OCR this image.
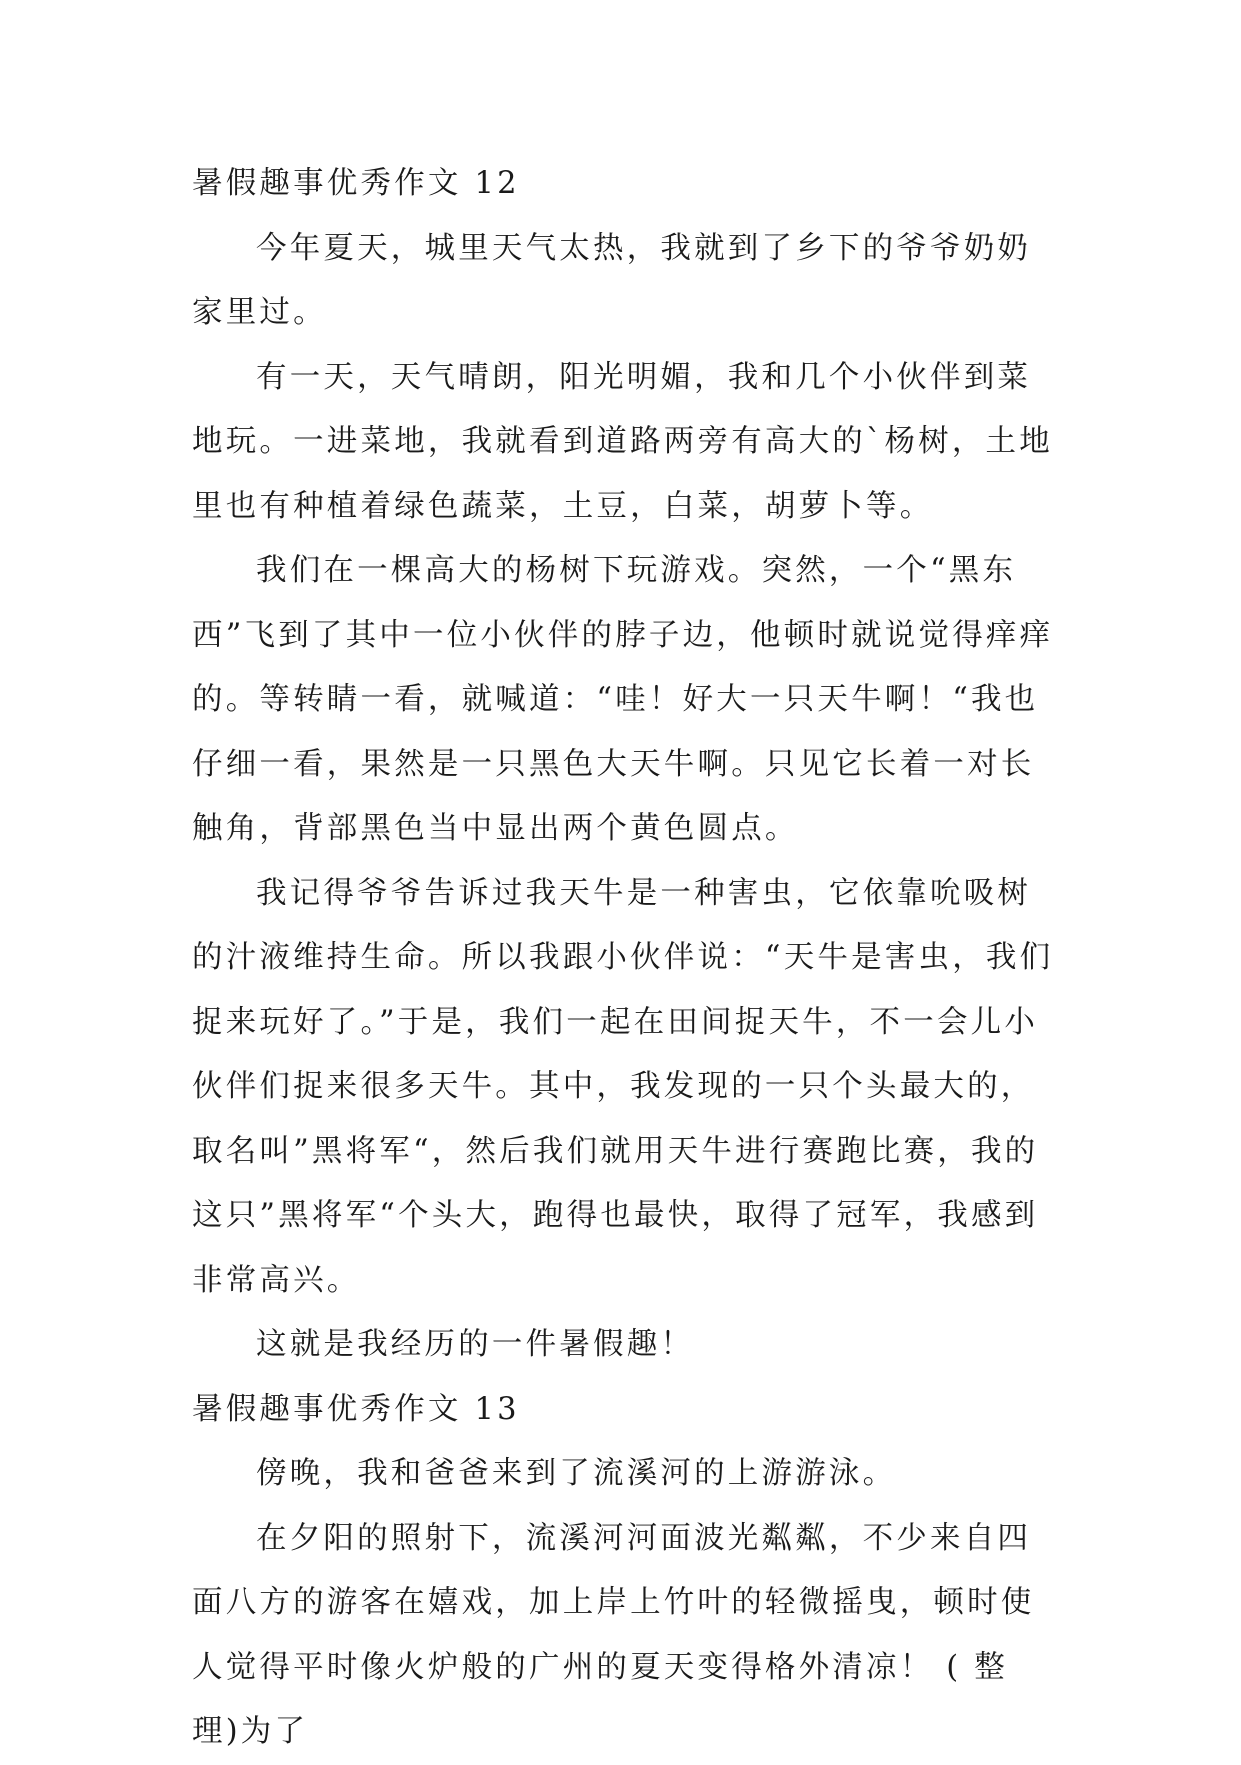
暑假趣事优秀作文 12

今年夏天，城里天气太热，我就到了乡下的爷爷奶奶家里过。

有一天，天气晴朗，阳光明媚，我和几个小伙伴到菜地玩。一进菜地，我就看到道路两旁有高大的`杨树，土地里也有种植着绿色蔬菜，土豆，白菜，胡萝卜等。

我们在一棵高大的杨树下玩游戏。突然，一个“黑东西”飞到了其中一位小伙伴的脖子边，他顿时就说觉得痒痒的。等转睛一看，就喊道：“哇！好大一只天牛啊！“我也仔细一看，果然是一只黑色大天牛啊。只见它长着一对长触角，背部黑色当中显出两个黄色圆点。

我记得爷爷告诉过我天牛是一种害虫，它依靠吮吸树的汁液维持生命。所以我跟小伙伴说：“天牛是害虫，我们捉来玩好了。”于是，我们一起在田间捉天牛，不一会儿小伙伴们捉来很多天牛。其中，我发现的一只个头最大的，取名叫”黑将军“，然后我们就用天牛进行赛跑比赛，我的这只”黑将军“个头大，跑得也最快，取得了冠军，我感到非常高兴。

这就是我经历的一件暑假趣！

暑假趣事优秀作文 13

傍晚，我和爸爸来到了流溪河的上游游泳。

在夕阳的照射下，流溪河河面波光粼粼，不少来自四面八方的游客在嬉戏，加上岸上竹叶的轻微摇曳，顿时使人觉得平时像火炉般的广州的夏天变得格外清凉！ ( 整理)为了
